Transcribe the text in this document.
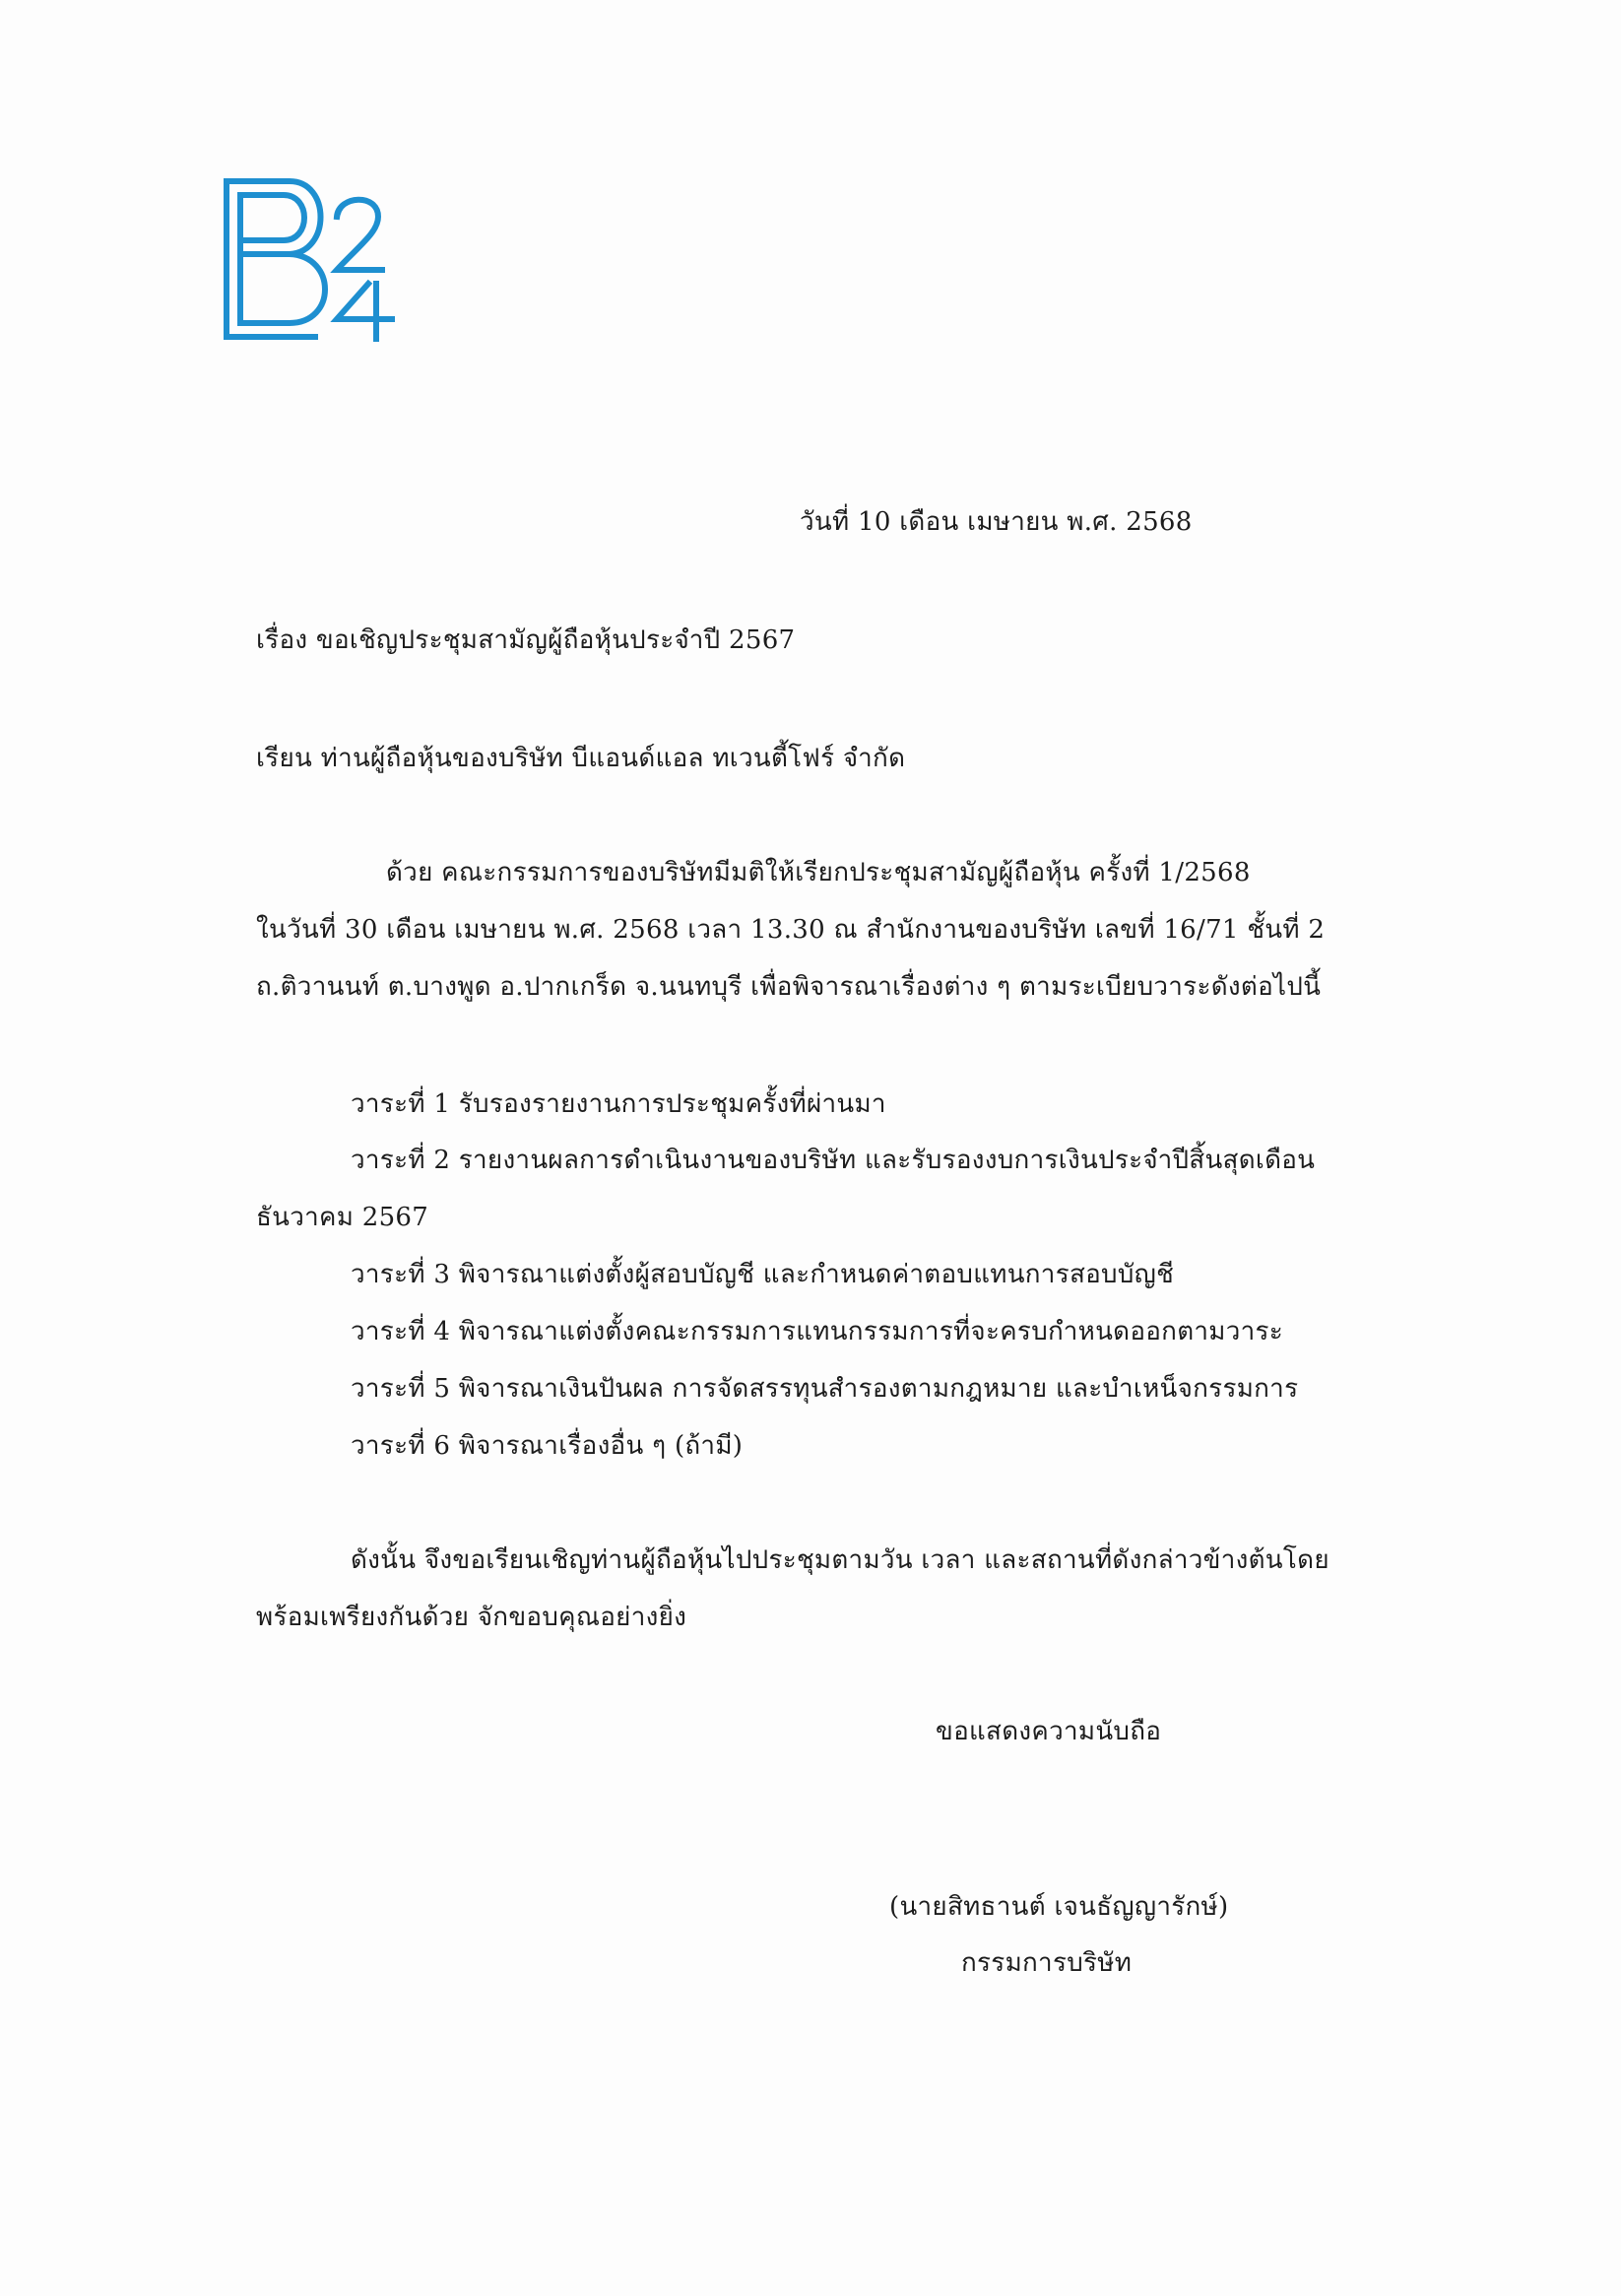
วันที่ 10 เดือน เมษายน พ.ศ. 2568
เรื่อง ขอเชิญประชุมสามัญผู้ถือหุ้นประจำปี 2567
เรียน ท่านผู้ถือหุ้นของบริษัท บีแอนด์แอล ทเวนตี้โฟร์ จำกัด
ด้วย คณะกรรมการของบริษัทมีมติให้เรียกประชุมสามัญผู้ถือหุ้น ครั้งที่ 1/2568
ในวันที่ 30 เดือน เมษายน พ.ศ. 2568 เวลา 13.30 ณ สำนักงานของบริษัท เลขที่ 16/71 ชั้นที่ 2
ถ.ติวานนท์ ต.บางพูด อ.ปากเกร็ด จ.นนทบุรี เพื่อพิจารณาเรื่องต่าง ๆ ตามระเบียบวาระดังต่อไปนี้
วาระที่ 1 รับรองรายงานการประชุมครั้งที่ผ่านมา
วาระที่ 2 รายงานผลการดำเนินงานของบริษัท และรับรองงบการเงินประจำปีสิ้นสุดเดือน
ธันวาคม 2567
วาระที่ 3 พิจารณาแต่งตั้งผู้สอบบัญชี และกำหนดค่าตอบแทนการสอบบัญชี
วาระที่ 4 พิจารณาแต่งตั้งคณะกรรมการแทนกรรมการที่จะครบกำหนดออกตามวาระ
วาระที่ 5 พิจารณาเงินปันผล การจัดสรรทุนสำรองตามกฎหมาย และบำเหน็จกรรมการ
วาระที่ 6 พิจารณาเรื่องอื่น ๆ (ถ้ามี)
ดังนั้น จึงขอเรียนเชิญท่านผู้ถือหุ้นไปประชุมตามวัน เวลา และสถานที่ดังกล่าวข้างต้นโดย
พร้อมเพรียงกันด้วย จักขอบคุณอย่างยิ่ง
ขอแสดงความนับถือ
(นายสิทธานต์ เจนธัญญารักษ์)
กรรมการบริษัท
